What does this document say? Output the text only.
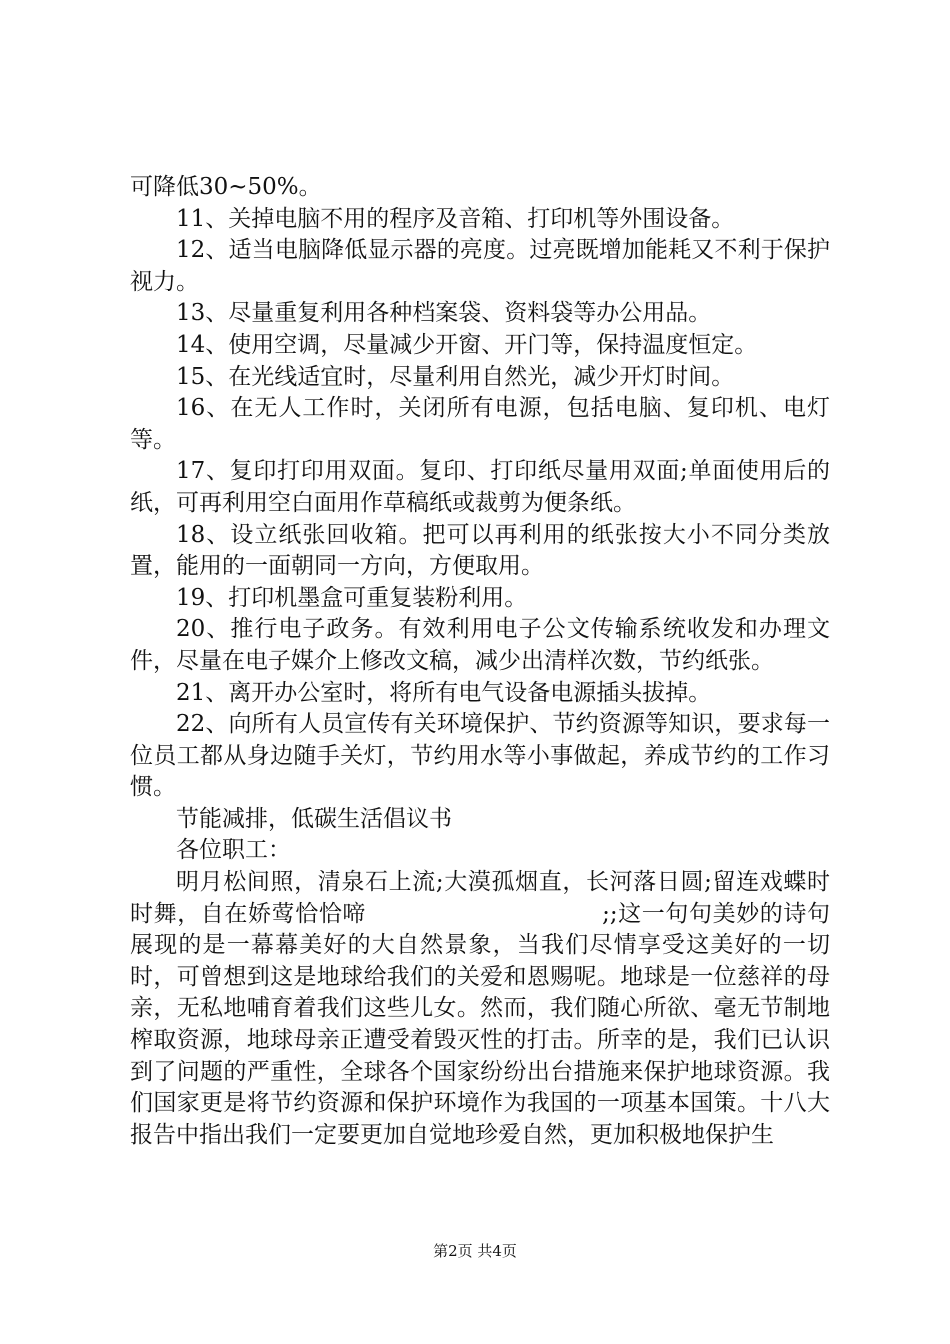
可降低30~50%。

11、关掉电脑不用的程序及音箱、打印机等外围设备。

12、适当电脑降低显示器的亮度。过亮既增加能耗又不利于保护视力。

13、尽量重复利用各种档案袋、资料袋等办公用品。

14、使用空调，尽量减少开窗、开门等，保持温度恒定。

15、在光线适宜时，尽量利用自然光，减少开灯时间。

16、在无人工作时，关闭所有电源，包括电脑、复印机、电灯等。

17、复印打印用双面。复印、打印纸尽量用双面;单面使用后的纸，可再利用空白面用作草稿纸或裁剪为便条纸。

18、设立纸张回收箱。把可以再利用的纸张按大小不同分类放置，能用的一面朝同一方向，方便取用。

19、打印机墨盒可重复装粉利用。

20、推行电子政务。有效利用电子公文传输系统收发和办理文件，尽量在电子媒介上修改文稿，减少出清样次数，节约纸张。

21、离开办公室时，将所有电气设备电源插头拔掉。

22、向所有人员宣传有关环境保护、节约资源等知识，要求每一位员工都从身边随手关灯，节约用水等小事做起，养成节约的工作习惯。

节能减排，低碳生活倡议书

各位职工：

明月松间照，清泉石上流;大漠孤烟直，长河落日圆;留连戏蝶时时舞，自在娇莺恰恰啼　　　　　　　　　　;;这一句句美妙的诗句展现的是一幕幕美好的大自然景象，当我们尽情享受这美好的一切时，可曾想到这是地球给我们的关爱和恩赐呢。地球是一位慈祥的母亲，无私地哺育着我们这些儿女。然而，我们随心所欲、毫无节制地榨取资源，地球母亲正遭受着毁灭性的打击。所幸的是，我们已认识到了问题的严重性，全球各个国家纷纷出台措施来保护地球资源。我们国家更是将节约资源和保护环境作为我国的一项基本国策。十八大报告中指出我们一定要更加自觉地珍爱自然，更加积极地保护生

第2页 共4页
